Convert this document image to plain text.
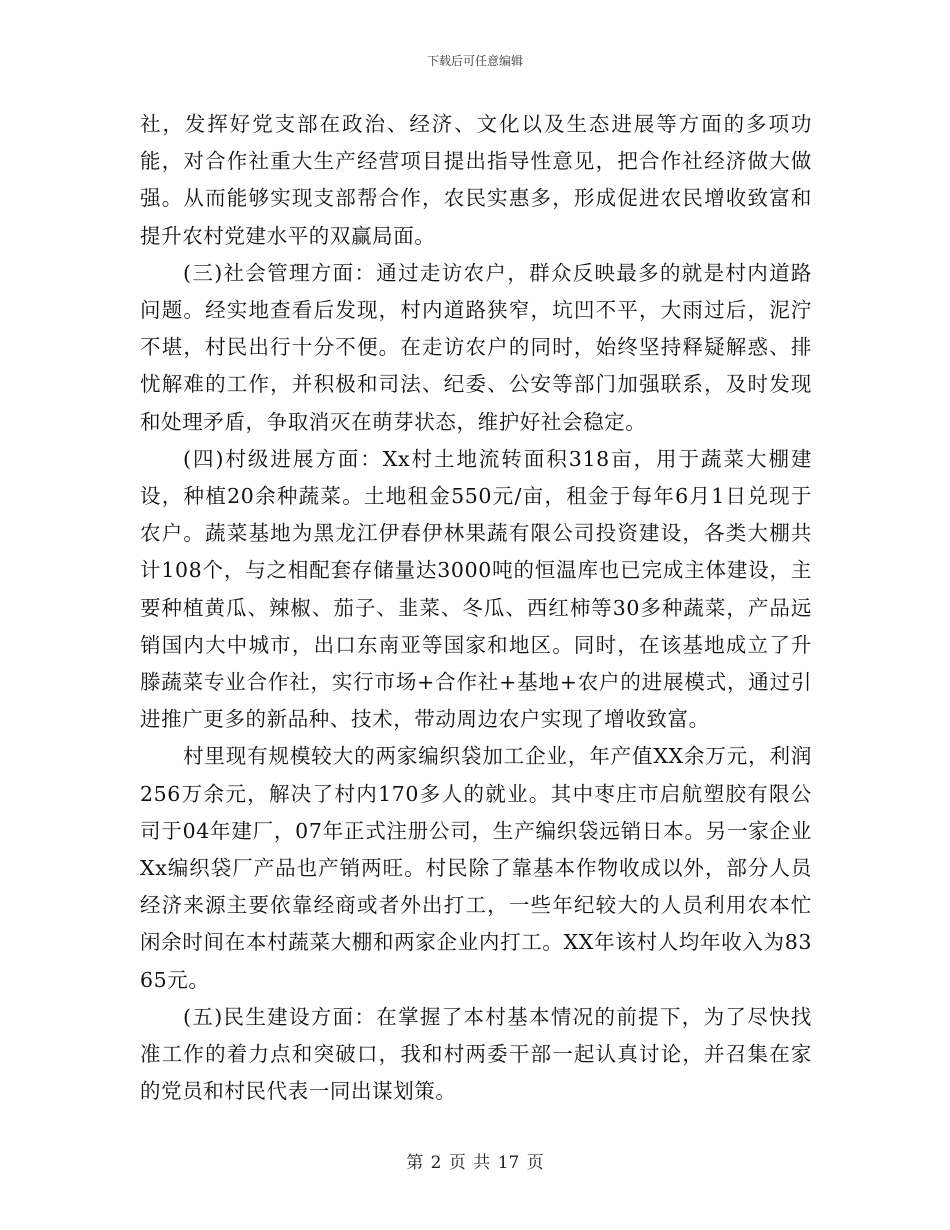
下载后可任意编辑

社，发挥好党支部在政治、经济、文化以及生态进展等方面的多项功能，对合作社重大生产经营项目提出指导性意见，把合作社经济做大做强。从而能够实现支部帮合作，农民实惠多，形成促进农民增收致富和提升农村党建水平的双赢局面。

(三)社会管理方面：通过走访农户，群众反映最多的就是村内道路问题。经实地查看后发现，村内道路狭窄，坑凹不平，大雨过后，泥泞不堪，村民出行十分不便。在走访农户的同时，始终坚持释疑解惑、排忧解难的工作，并积极和司法、纪委、公安等部门加强联系，及时发现和处理矛盾，争取消灭在萌芽状态，维护好社会稳定。

(四)村级进展方面：Xx村土地流转面积318亩，用于蔬菜大棚建设，种植20余种蔬菜。土地租金550元/亩，租金于每年6月1日兑现于农户。蔬菜基地为黑龙江伊春伊林果蔬有限公司投资建设，各类大棚共计108个，与之相配套存储量达3000吨的恒温库也已完成主体建设，主要种植黄瓜、辣椒、茄子、韭菜、冬瓜、西红柿等30多种蔬菜，产品远销国内大中城市，出口东南亚等国家和地区。同时，在该基地成立了升滕蔬菜专业合作社，实行市场+合作社+基地+农户的进展模式，通过引进推广更多的新品种、技术，带动周边农户实现了增收致富。

村里现有规模较大的两家编织袋加工企业，年产值XX余万元，利润256万余元，解决了村内170多人的就业。其中枣庄市启航塑胶有限公司于04年建厂，07年正式注册公司，生产编织袋远销日本。另一家企业Xx编织袋厂产品也产销两旺。村民除了靠基本作物收成以外，部分人员经济来源主要依靠经商或者外出打工，一些年纪较大的人员利用农本忙闲余时间在本村蔬菜大棚和两家企业内打工。XX年该村人均年收入为8365元。

(五)民生建设方面：在掌握了本村基本情况的前提下，为了尽快找准工作的着力点和突破口，我和村两委干部一起认真讨论，并召集在家的党员和村民代表一同出谋划策。

第 2 页 共 17 页
